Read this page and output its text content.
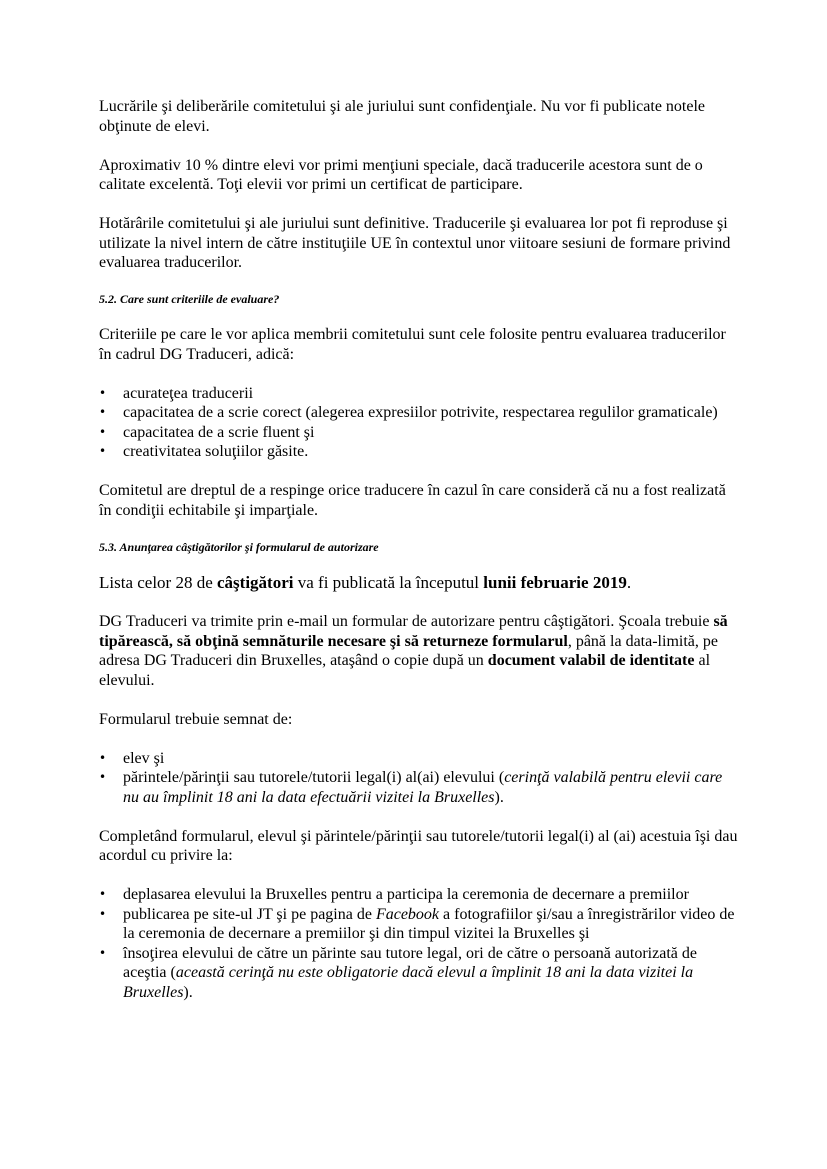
Lucrările şi deliberările comitetului şi ale juriului sunt confidenţiale. Nu vor fi publicate notele obţinute de elevi.

Aproximativ 10 % dintre elevi vor primi menţiuni speciale, dacă traducerile acestora sunt de o calitate excelentă. Toţi elevii vor primi un certificat de participare.

Hotărârile comitetului şi ale juriului sunt definitive. Traducerile şi evaluarea lor pot fi reproduse şi utilizate la nivel intern de către instituţiile UE în contextul unor viitoare sesiuni de formare privind evaluarea traducerilor.

5.2. Care sunt criteriile de evaluare?

Criteriile pe care le vor aplica membrii comitetului sunt cele folosite pentru evaluarea traducerilor în cadrul DG Traduceri, adică:

• acurateţea traducerii
• capacitatea de a scrie corect (alegerea expresiilor potrivite, respectarea regulilor gramaticale)
• capacitatea de a scrie fluent şi
• creativitatea soluţiilor găsite.

Comitetul are dreptul de a respinge orice traducere în cazul în care consideră că nu a fost realizată în condiţii echitabile şi imparţiale.

5.3. Anunţarea câştigătorilor şi formularul de autorizare

Lista celor 28 de câştigători va fi publicată la începutul lunii februarie 2019.

DG Traduceri va trimite prin e-mail un formular de autorizare pentru câştigători. Şcoala trebuie să tipărească, să obţină semnăturile necesare şi să returneze formularul, până la data-limită, pe adresa DG Traduceri din Bruxelles, ataşând o copie după un document valabil de identitate al elevului.

Formularul trebuie semnat de:

• elev şi
• părintele/părinţii sau tutorele/tutorii legal(i) al(ai) elevului (cerinţă valabilă pentru elevii care nu au împlinit 18 ani la data efectuării vizitei la Bruxelles).

Completând formularul, elevul şi părintele/părinţii sau tutorele/tutorii legal(i) al (ai) acestuia îşi dau acordul cu privire la:

• deplasarea elevului la Bruxelles pentru a participa la ceremonia de decernare a premiilor
• publicarea pe site-ul JT şi pe pagina de Facebook a fotografiilor şi/sau a înregistrărilor video de la ceremonia de decernare a premiilor şi din timpul vizitei la Bruxelles şi
• însoţirea elevului de către un părinte sau tutore legal, ori de către o persoană autorizată de aceştia (această cerinţă nu este obligatorie dacă elevul a împlinit 18 ani la data vizitei la Bruxelles).
